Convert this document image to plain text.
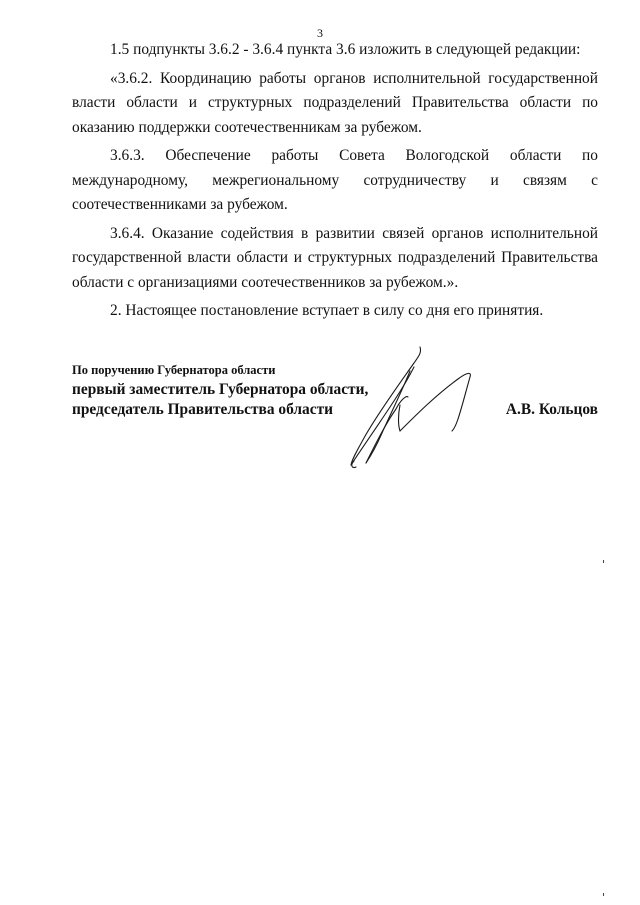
3

1.5 подпункты 3.6.2 - 3.6.4 пункта 3.6 изложить в следующей редакции:

«3.6.2. Координацию работы органов исполнительной государственной власти области и структурных подразделений Правительства области по оказанию поддержки соотечественникам за рубежом.

3.6.3. Обеспечение работы Совета Вологодской области по международному, межрегиональному сотрудничеству и связям с соотечественниками за рубежом.

3.6.4. Оказание содействия в развитии связей органов исполнительной государственной власти области и структурных подразделений Правительства области с организациями соотечественников за рубежом.».

2. Настоящее постановление вступает в силу со дня его принятия.

По поручению Губернатора области
первый заместитель Губернатора области,
председатель Правительства области	А.В. Кольцов
